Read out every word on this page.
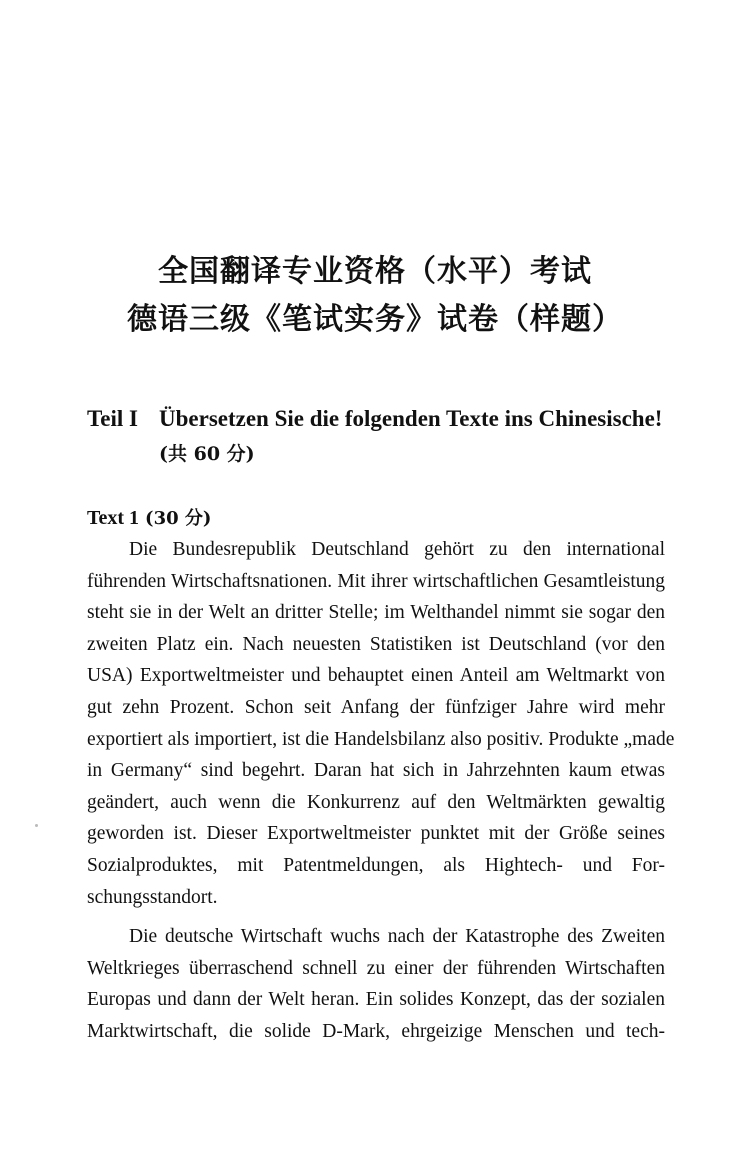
全国翻译专业资格（水平）考试
德语三级《笔试实务》试卷（样题）
Teil I Übersetzen Sie die folgenden Texte ins Chinesische!
(共 60 分)
Text 1 (30 分)
Die Bundesrepublik Deutschland gehört zu den international
führenden Wirtschaftsnationen. Mit ihrer wirtschaftlichen Gesamtleistung
steht sie in der Welt an dritter Stelle; im Welthandel nimmt sie sogar den
zweiten Platz ein. Nach neuesten Statistiken ist Deutschland (vor den
USA) Exportweltmeister und behauptet einen Anteil am Weltmarkt von
gut zehn Prozent. Schon seit Anfang der fünfziger Jahre wird mehr
exportiert als importiert, ist die Handelsbilanz also positiv. Produkte „made
in Germany“ sind begehrt. Daran hat sich in Jahrzehnten kaum etwas
geändert, auch wenn die Konkurrenz auf den Weltmärkten gewaltig
geworden ist. Dieser Exportweltmeister punktet mit der Größe seines
Sozialproduktes, mit Patentmeldungen, als Hightech- und For-
schungsstandort.
Die deutsche Wirtschaft wuchs nach der Katastrophe des Zweiten
Weltkrieges überraschend schnell zu einer der führenden Wirtschaften
Europas und dann der Welt heran. Ein solides Konzept, das der sozialen
Marktwirtschaft, die solide D-Mark, ehrgeizige Menschen und tech-
